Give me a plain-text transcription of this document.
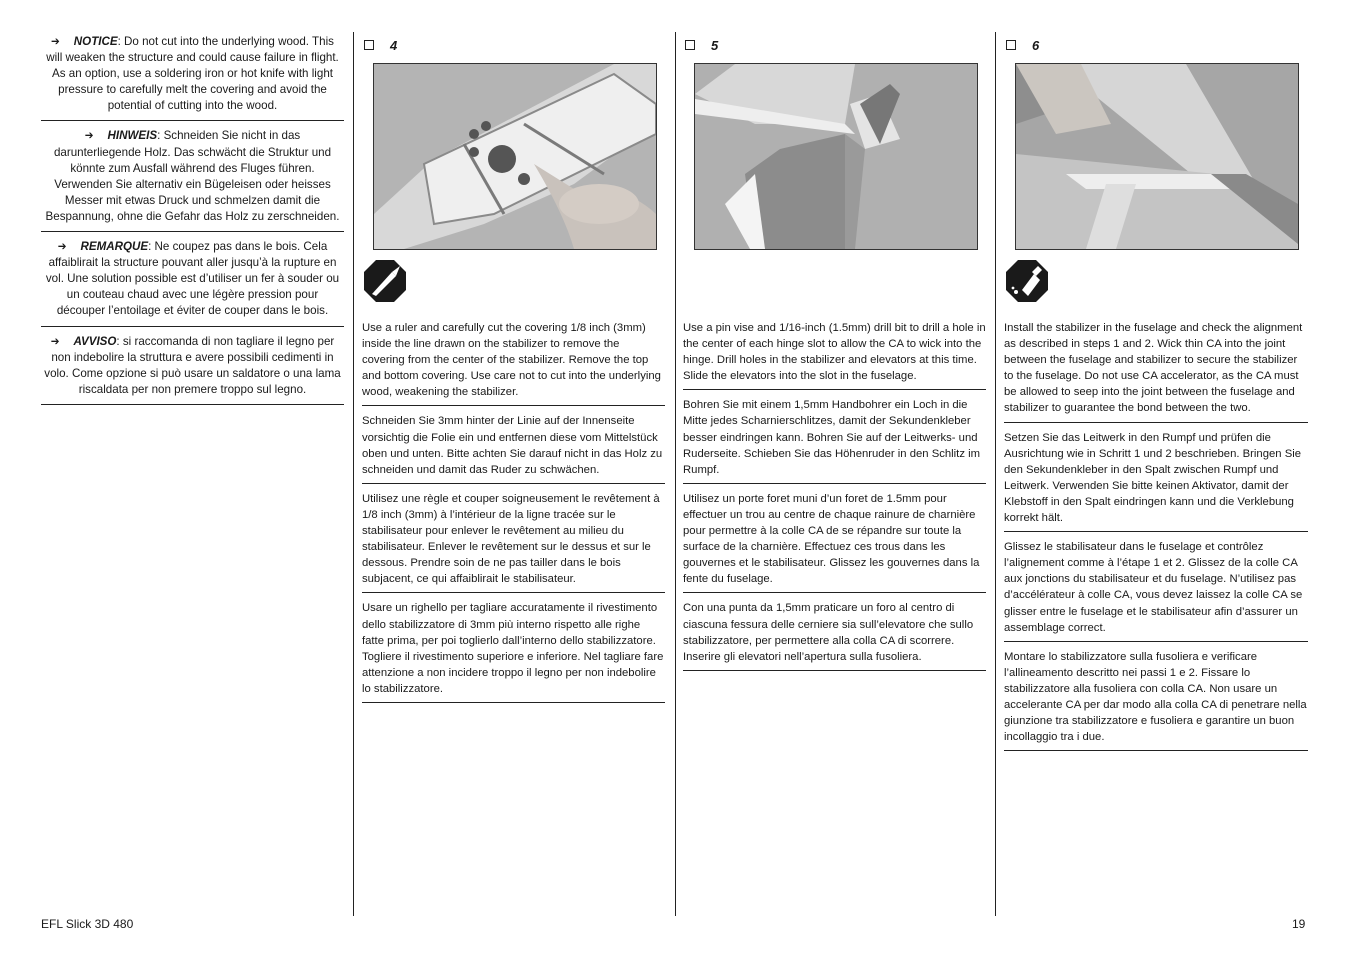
➔ NOTICE: Do not cut into the underlying wood. This will weaken the structure and could cause failure in flight. As an option, use a soldering iron or hot knife with light pressure to carefully melt the covering and avoid the potential of cutting into the wood.
➔ HINWEIS: Schneiden Sie nicht in das darunterliegende Holz. Das schwächt die Struktur und könnte zum Ausfall während des Fluges führen. Verwenden Sie alternativ ein Bügeleisen oder heisses Messer mit etwas Druck und schmelzen damit die Bespannung, ohne die Gefahr das Holz zu zerschneiden.
➔ REMARQUE: Ne coupez pas dans le bois. Cela affaiblirait la structure pouvant aller jusqu’à la rupture en vol. Une solution possible est d’utiliser un fer à souder ou un couteau chaud avec une légère pression pour découper l’entoilage et éviter de couper dans le bois.
➔ AVVISO: si raccomanda di non tagliare il legno per non indebolire la struttura e avere possibili cedimenti in volo. Come opzione si può usare un saldatore o una lama riscaldata per non premere troppo sul legno.
4
Use a ruler and carefully cut the covering 1/8 inch (3mm) inside the line drawn on the stabilizer to remove the covering from the center of the stabilizer. Remove the top and bottom covering. Use care not to cut into the underlying wood, weakening the stabilizer.
Schneiden Sie 3mm hinter der Linie auf der Innenseite vorsichtig die Folie ein und entfernen diese vom Mittelstück oben und unten. Bitte achten Sie darauf nicht in das Holz zu schneiden und damit das Ruder zu schwächen.
Utilisez une règle et couper soigneusement le revêtement à 1/8 inch (3mm) à l’intérieur de la ligne tracée sur le stabilisateur pour enlever le revêtement au milieu du stabilisateur. Enlever le revêtement sur le dessus et sur le dessous. Prendre soin de ne pas tailler dans le bois subjacent, ce qui affaiblirait le stabilisateur.
Usare un righello per tagliare accuratamente il rivestimento dello stabilizzatore di 3mm più interno rispetto alle righe fatte prima, per poi toglierlo dall’interno dello stabilizzatore. Togliere il rivestimento superiore e inferiore. Nel tagliare fare attenzione a non incidere troppo il legno per non indebolire lo stabilizzatore.
5
Use a pin vise and 1/16-inch (1.5mm) drill bit to drill a hole in the center of each hinge slot to allow the CA to wick into the hinge. Drill holes in the stabilizer and elevators at this time. Slide the elevators into the slot in the fuselage.
Bohren Sie mit einem 1,5mm Handbohrer ein Loch in die Mitte jedes Scharnierschlitzes, damit der Sekundenkleber besser eindringen kann. Bohren Sie auf der Leitwerks- und Ruderseite. Schieben Sie das Höhenruder in den Schlitz im Rumpf.
Utilisez un porte foret muni d’un foret de 1.5mm pour effectuer un trou au centre de chaque rainure de charnière pour permettre à la colle CA de se répandre sur toute la surface de la charnière. Effectuez ces trous dans les gouvernes et le stabilisateur. Glissez les gouvernes dans la fente du fuselage.
Con una punta da 1,5mm praticare un foro al centro di ciascuna fessura delle cerniere sia sull’elevatore che sullo stabilizzatore, per permettere alla colla CA di scorrere. Inserire gli elevatori nell’apertura sulla fusoliera.
6
Install the stabilizer in the fuselage and check the alignment as described in steps 1 and 2. Wick thin CA into the joint between the fuselage and stabilizer to secure the stabilizer to the fuselage. Do not use CA accelerator, as the CA must be allowed to seep into the joint between the fuselage and stabilizer to guarantee the bond between the two.
Setzen Sie das Leitwerk in den Rumpf und prüfen die Ausrichtung wie in Schritt 1 und 2 beschrieben. Bringen Sie den Sekundenkleber in den Spalt zwischen Rumpf und Leitwerk. Verwenden Sie bitte keinen Aktivator, damit der Klebstoff in den Spalt eindringen kann und die Verklebung korrekt hält.
Glissez le stabilisateur dans le fuselage et contrôlez l’alignement comme à l’étape 1 et 2. Glissez de la colle CA aux jonctions du stabilisateur et du fuselage. N’utilisez pas d’accélérateur à colle CA, vous devez laissez la colle CA se glisser entre le fuselage et le stabilisateur afin d’assurer un assemblage correct.
Montare lo stabilizzatore sulla fusoliera e verificare l’allineamento descritto nei passi 1 e 2. Fissare lo stabilizzatore alla fusoliera con colla CA. Non usare un accelerante CA per dar modo alla colla CA di penetrare nella giunzione tra stabilizzatore e fusoliera e garantire un buon incollaggio tra i due.
EFL Slick 3D 480	19
